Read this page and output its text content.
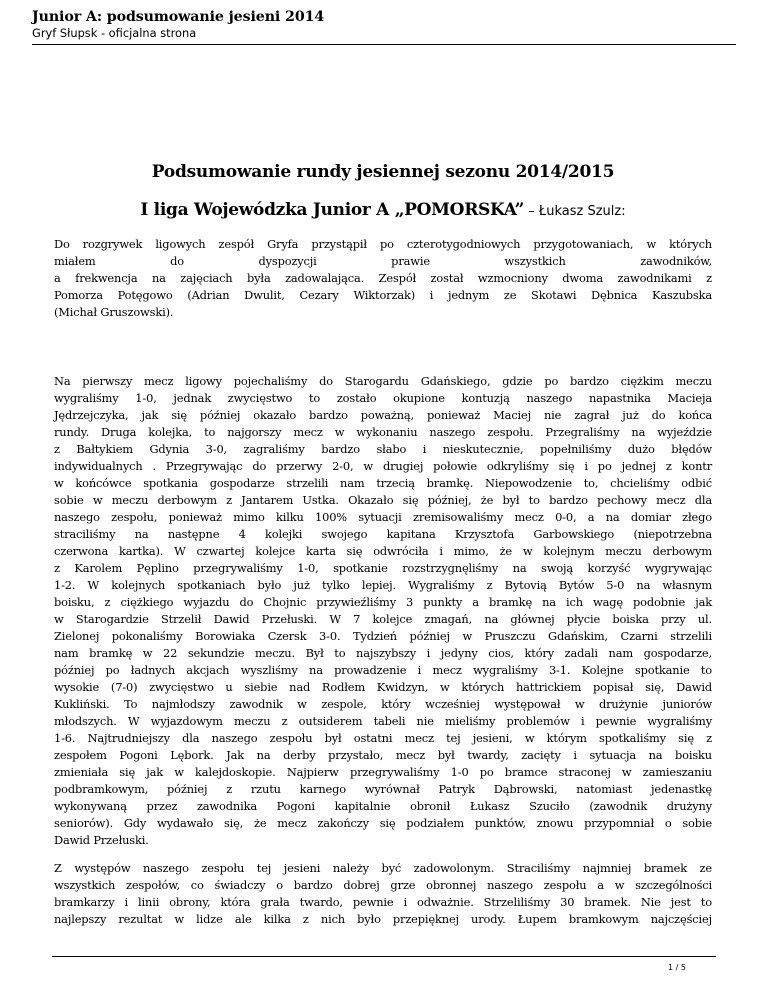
Junior A: podsumowanie jesieni 2014
Gryf Słupsk - oficjalna strona
Podsumowanie rundy jesiennej sezonu 2014/2015
I liga Wojewódzka Junior A „POMORSKA” – Łukasz Szulz:

Do rozgrywek ligowych zespół Gryfa przystąpił po czterotygodniowych przygotowaniach, w których
miałem do dyspozycji prawie wszystkich zawodników,
a frekwencja na zajęciach była zadowalająca. Zespół został wzmocniony dwoma zawodnikami z
Pomorza Potęgowo (Adrian Dwulit, Cezary Wiktorzak) i jednym ze Skotawi Dębnica Kaszubska
(Michał Gruszowski).

Na pierwszy mecz ligowy pojechaliśmy do Starogardu Gdańskiego, gdzie po bardzo ciężkim meczu
wygraliśmy 1-0, jednak zwycięstwo to zostało okupione kontuzją naszego napastnika Macieja
Jędrzejczyka, jak się później okazało bardzo poważną, ponieważ Maciej nie zagrał już do końca
rundy. Druga kolejka, to najgorszy mecz w wykonaniu naszego zespołu. Przegraliśmy na wyjeździe
z Bałtykiem Gdynia 3-0, zagraliśmy bardzo słabo i nieskutecznie, popełniliśmy dużo błędów
indywidualnych . Przegrywając do przerwy 2-0, w drugiej połowie odkryliśmy się i po jednej z kontr
w końcówce spotkania gospodarze strzelili nam trzecią bramkę. Niepowodzenie to, chcieliśmy odbić
sobie w meczu derbowym z Jantarem Ustka. Okazało się później, że był to bardzo pechowy mecz dla
naszego zespołu, ponieważ mimo kilku 100% sytuacji zremisowaliśmy mecz 0-0, a na domiar złego
straciliśmy na następne 4 kolejki swojego kapitana Krzysztofa Garbowskiego (niepotrzebna
czerwona kartka). W czwartej kolejce karta się odwróciła i mimo, że w kolejnym meczu derbowym
z Karolem Pęplino przegrywaliśmy 1-0, spotkanie rozstrzygnęliśmy na swoją korzyść wygrywając
1-2. W kolejnych spotkaniach było już tylko lepiej. Wygraliśmy z Bytovią Bytów 5-0 na własnym
boisku, z ciężkiego wyjazdu do Chojnic przywieźliśmy 3 punkty a bramkę na ich wagę podobnie jak
w Starogardzie Strzelił Dawid Przełuski. W 7 kolejce zmagań, na głównej płycie boiska przy ul.
Zielonej pokonaliśmy Borowiaka Czersk 3-0. Tydzień później w Pruszczu Gdańskim, Czarni strzelili
nam bramkę w 22 sekundzie meczu. Był to najszybszy i jedyny cios, który zadali nam gospodarze,
później po ładnych akcjach wyszliśmy na prowadzenie i mecz wygraliśmy 3-1. Kolejne spotkanie to
wysokie (7-0) zwycięstwo u siebie nad Rodłem Kwidzyn, w których hattrickiem popisał się, Dawid
Kukliński. To najmłodszy zawodnik w zespole, który wcześniej występował w drużynie juniorów
młodszych. W wyjazdowym meczu z outsiderem tabeli nie mieliśmy problemów i pewnie wygraliśmy
1-6. Najtrudniejszy dla naszego zespołu był ostatni mecz tej jesieni, w którym spotkaliśmy się z
zespołem Pogoni Lębork. Jak na derby przystało, mecz był twardy, zacięty i sytuacja na boisku
zmieniała się jak w kalejdoskopie. Najpierw przegrywaliśmy 1-0 po bramce straconej w zamieszaniu
podbramkowym, później z rzutu karnego wyrównał Patryk Dąbrowski, natomiast jedenastkę
wykonywaną przez zawodnika Pogoni kapitalnie obronił Łukasz Szuciło (zawodnik drużyny
seniorów). Gdy wydawało się, że mecz zakończy się podziałem punktów, znowu przypomniał o sobie
Dawid Przełuski.

Z występów naszego zespołu tej jesieni należy być zadowolonym. Straciliśmy najmniej bramek ze
wszystkich zespołów, co świadczy o bardzo dobrej grze obronnej naszego zespołu a w szczególności
bramkarzy i linii obrony, która grała twardo, pewnie i odważnie. Strzeliliśmy 30 bramek. Nie jest to
najlepszy rezultat w lidze ale kilka z nich było przepięknej urody. Łupem bramkowym najczęściej

1 / 5
